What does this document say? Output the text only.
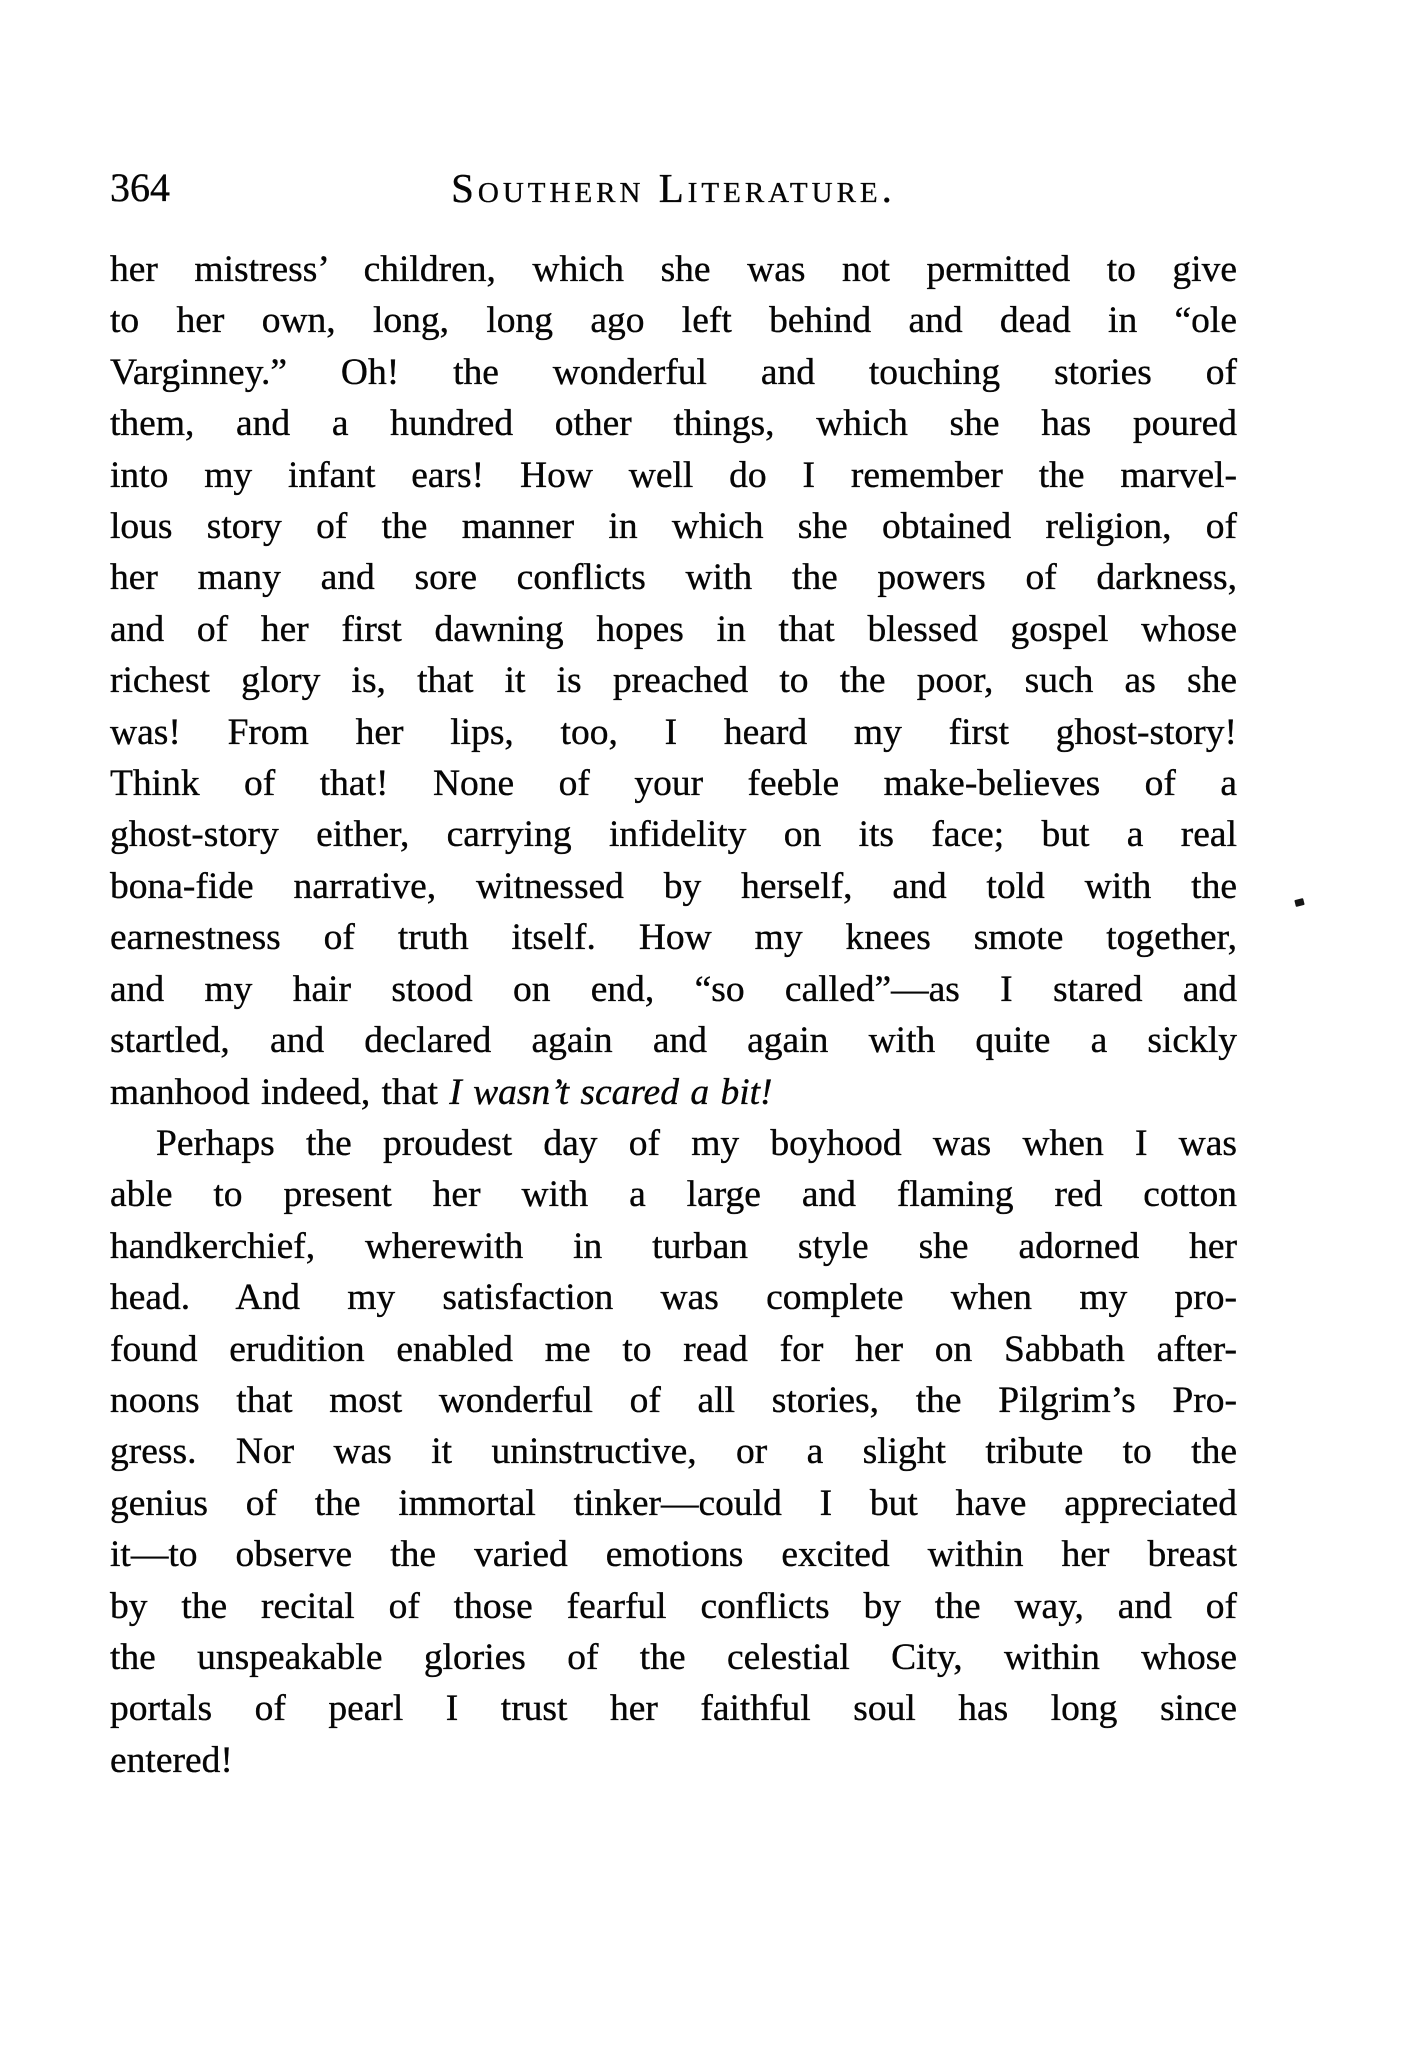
364	Southern Literature.
her mistress’ children, which she was not permitted to give
to her own, long, long ago left behind and dead in “ole
Varginney.” Oh! the wonderful and touching stories of
them, and a hundred other things, which she has poured
into my infant ears! How well do I remember the marvel-
lous story of the manner in which she obtained religion, of
her many and sore conflicts with the powers of darkness,
and of her first dawning hopes in that blessed gospel whose
richest glory is, that it is preached to the poor, such as she
was! From her lips, too, I heard my first ghost-story!
Think of that! None of your feeble make-believes of a
ghost-story either, carrying infidelity on its face; but a real
bona-fide narrative, witnessed by herself, and told with the
earnestness of truth itself. How my knees smote together,
and my hair stood on end, “so called”—as I stared and
startled, and declared again and again with quite a sickly
manhood indeed, that I wasn’t scared a bit!
Perhaps the proudest day of my boyhood was when I was
able to present her with a large and flaming red cotton
handkerchief, wherewith in turban style she adorned her
head. And my satisfaction was complete when my pro-
found erudition enabled me to read for her on Sabbath after-
noons that most wonderful of all stories, the Pilgrim’s Pro-
gress. Nor was it uninstructive, or a slight tribute to the
genius of the immortal tinker—could I but have appreciated
it—to observe the varied emotions excited within her breast
by the recital of those fearful conflicts by the way, and of
the unspeakable glories of the celestial City, within whose
portals of pearl I trust her faithful soul has long since
entered!
